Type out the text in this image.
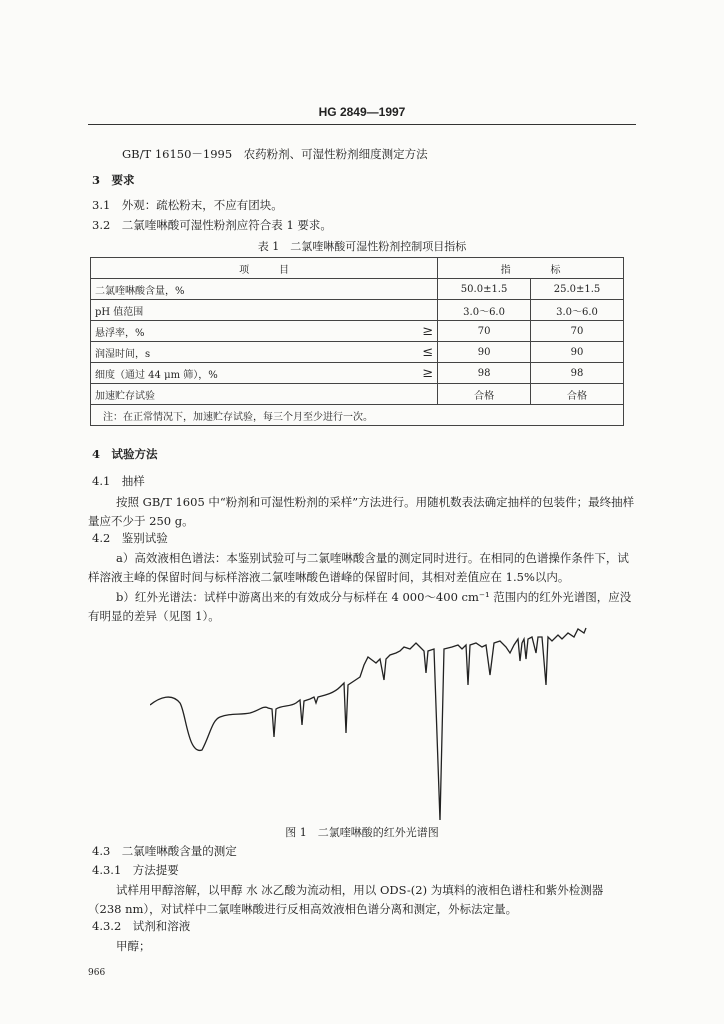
HG 2849—1997
GB/T 16150－1995　农药粉剂、可湿性粉剂细度测定方法
3　要求
3.1　外观：疏松粉末，不应有团块。
3.2　二氯喹啉酸可湿性粉剂应符合表 1 要求。
表 1　二氯喹啉酸可湿性粉剂控制项目指标
项　　　目		指　　　　标	
二氯喹啉酸含量，%		50.0±1.5	25.0±1.5
pH 值范围		3.0～6.0	3.0～6.0
悬浮率，%	≥	70	70
润湿时间，s	≤	90	90
细度（通过 44 μm 筛），%	≥	98	98
加速贮存试验		合格	合格
注：在正常情况下，加速贮存试验，每三个月至少进行一次。			
4　试验方法
4.1　抽样
按照 GB/T 1605 中“粉剂和可湿性粉剂的采样”方法进行。用随机数表法确定抽样的包装件；最终抽样量应不少于 250 g。
4.2　鉴别试验
a）高效液相色谱法：本鉴别试验可与二氯喹啉酸含量的测定同时进行。在相同的色谱操作条件下，试样溶液主峰的保留时间与标样溶液二氯喹啉酸色谱峰的保留时间，其相对差值应在 1.5%以内。
b）红外光谱法：试样中游离出来的有效成分与标样在 4 000～400 cm⁻¹ 范围内的红外光谱图，应没有明显的差异（见图 1）。
图 1　二氯喹啉酸的红外光谱图
4.3　二氯喹啉酸含量的测定
4.3.1　方法提要
试样用甲醇溶解，以甲醇 水 冰乙酸为流动相，用以 ODS-(2) 为填料的液相色谱柱和紫外检测器（238 nm），对试样中二氯喹啉酸进行反相高效液相色谱分离和测定，外标法定量。
4.3.2　试剂和溶液
甲醇；
966
